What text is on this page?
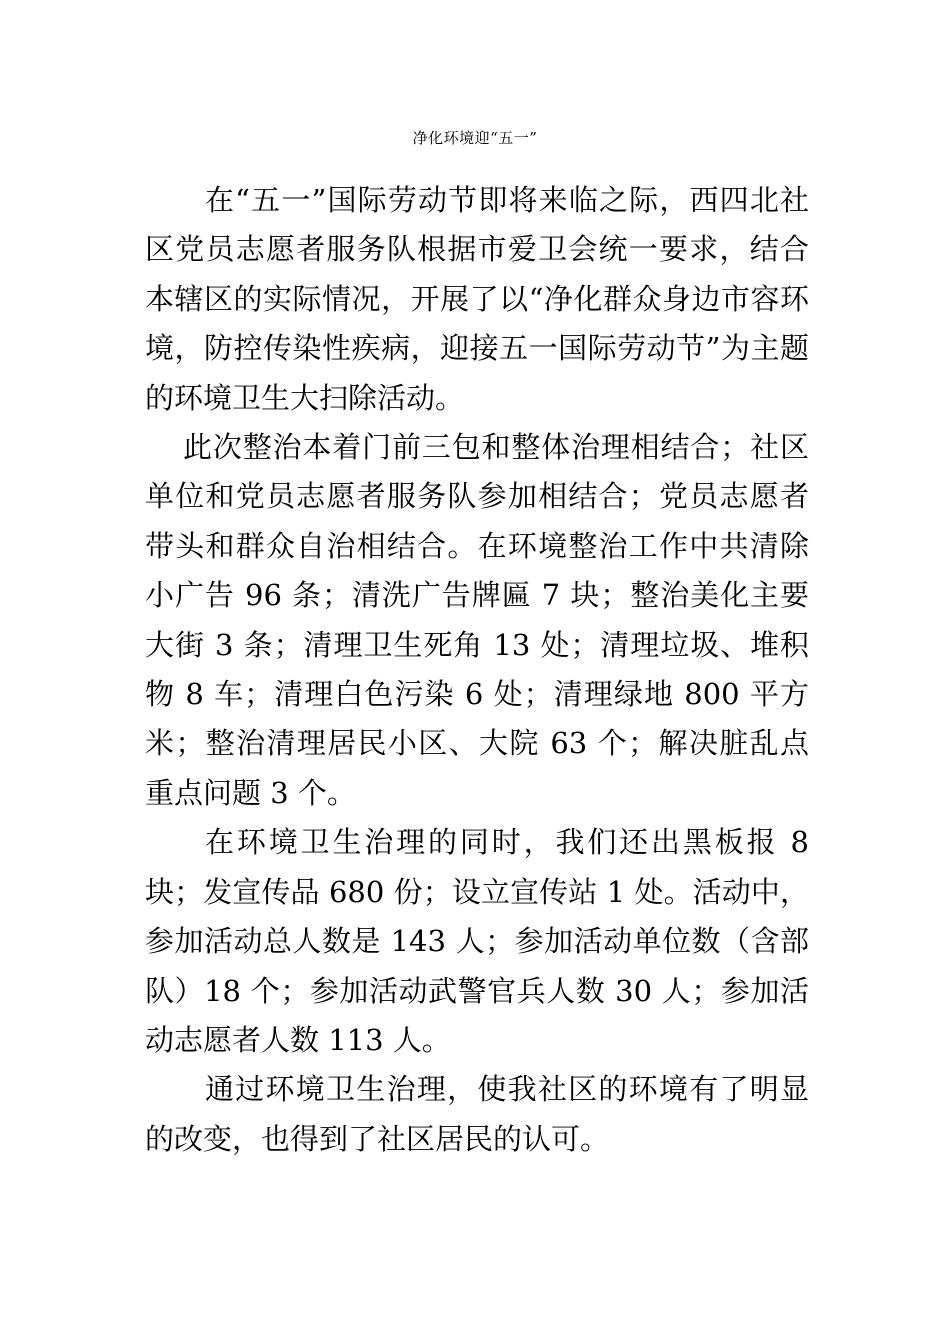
净化环境迎“五一”

在“五一”国际劳动节即将来临之际，西四北社区党员志愿者服务队根据市爱卫会统一要求，结合本辖区的实际情况，开展了以“净化群众身边市容环境，防控传染性疾病，迎接五一国际劳动节”为主题的环境卫生大扫除活动。

此次整治本着门前三包和整体治理相结合；社区单位和党员志愿者服务队参加相结合；党员志愿者带头和群众自治相结合。在环境整治工作中共清除小广告 96 条；清洗广告牌匾 7 块；整治美化主要大街 3 条；清理卫生死角 13 处；清理垃圾、堆积物 8 车；清理白色污染 6 处；清理绿地 800 平方米；整治清理居民小区、大院 63 个；解决脏乱点重点问题 3 个。

在环境卫生治理的同时，我们还出黑板报 8 块；发宣传品 680 份；设立宣传站 1 处。活动中，参加活动总人数是 143 人；参加活动单位数（含部队）18 个；参加活动武警官兵人数 30 人；参加活动志愿者人数 113 人。

通过环境卫生治理，使我社区的环境有了明显的改变，也得到了社区居民的认可。
